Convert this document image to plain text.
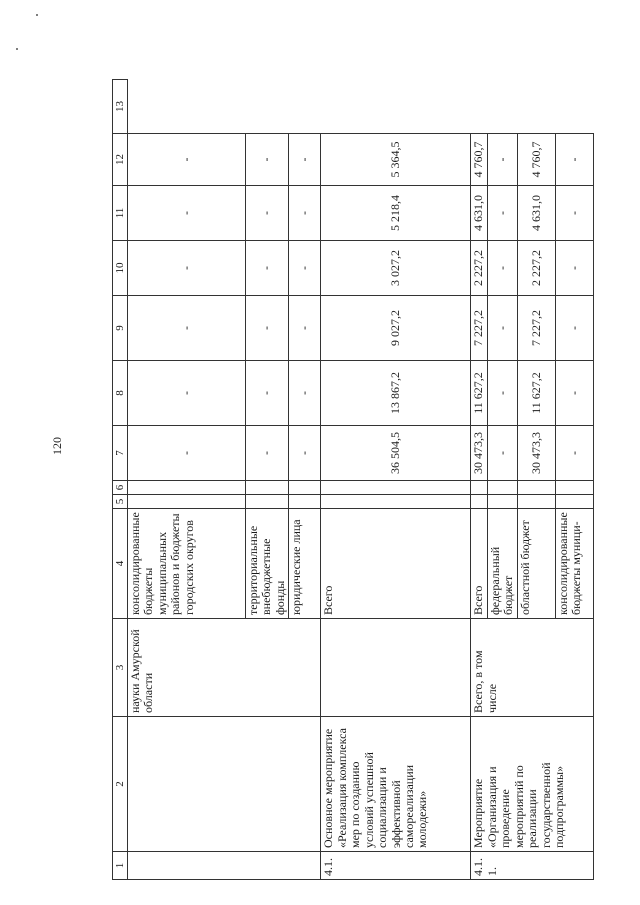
120
1	2	3	4	5	6	7	8	9	10	11	12	13
		науки Амурской области	консолидированные бюджеты муниципальных районов и бюджеты городских округов			-	-	-	-	-	-	
			территориальные внебюджетные фонды			-	-	-	-	-	-	
			юридические лица			-	-	-	-	-	-	
4.1.	Основное мероприятие «Реализация комплекса мер по созданию условий успешной социализации и эффективной самореализации молодежи»		Всего			36 504,5	13 867,2	9 027,2	3 027,2	5 218,4	5 364,5	
4.1.1.	Мероприятие «Организация и проведение мероприятий по реализации государственной подпрограммы»	Всего, в том числе	Всего			30 473,3	11 627,2	7 227,2	2 227,2	4 631,0	4 760,7	
			федеральный бюджет			-	-	-	-	-	-	
			областной бюджет			30 473,3	11 627,2	7 227,2	2 227,2	4 631,0	4 760,7	
			консолидированные бюджеты муници-			-	-	-	-	-	-	
